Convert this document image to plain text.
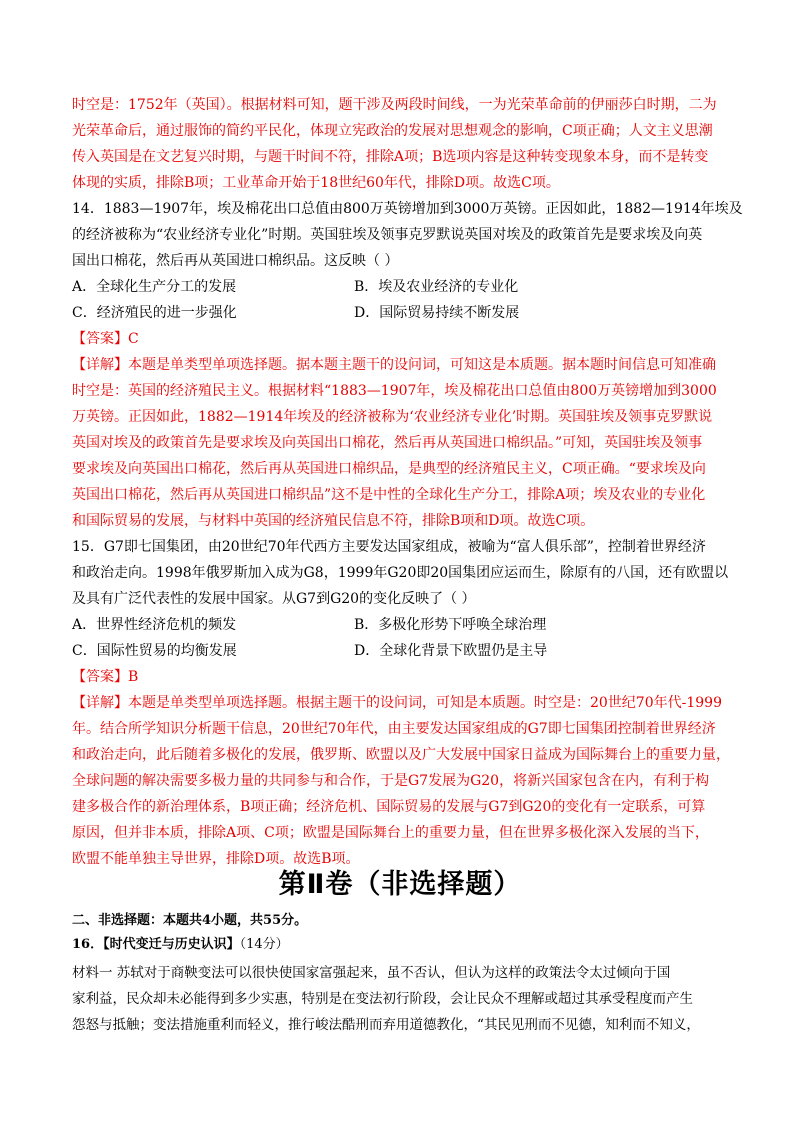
时空是：1752年（英国）。根据材料可知，题干涉及两段时间线，一为光荣革命前的伊丽莎白时期，二为
光荣革命后，通过服饰的简约平民化，体现立宪政治的发展对思想观念的影响，C项正确；人文主义思潮
传入英国是在文艺复兴时期，与题干时间不符，排除A项；B选项内容是这种转变现象本身，而不是转变
体现的实质，排除B项；工业革命开始于18世纪60年代，排除D项。故选C项。
14．1883—1907年，埃及棉花出口总值由800万英镑增加到3000万英镑。正因如此，1882—1914年埃及
的经济被称为“农业经济专业化”时期。英国驻埃及领事克罗默说英国对埃及的政策首先是要求埃及向英
国出口棉花，然后再从英国进口棉织品。这反映（ ）
A．全球化生产分工的发展	B．埃及农业经济的专业化
C．经济殖民的进一步强化	D．国际贸易持续不断发展
【答案】C
【详解】本题是单类型单项选择题。据本题主题干的设问词，可知这是本质题。据本题时间信息可知准确
时空是：英国的经济殖民主义。根据材料“1883—1907年，埃及棉花出口总值由800万英镑增加到3000
万英镑。正因如此，1882—1914年埃及的经济被称为‘农业经济专业化’时期。英国驻埃及领事克罗默说
英国对埃及的政策首先是要求埃及向英国出口棉花，然后再从英国进口棉织品。”可知，英国驻埃及领事
要求埃及向英国出口棉花，然后再从英国进口棉织品，是典型的经济殖民主义，C项正确。“要求埃及向
英国出口棉花，然后再从英国进口棉织品”这不是中性的全球化生产分工，排除A项；埃及农业的专业化
和国际贸易的发展，与材料中英国的经济殖民信息不符，排除B项和D项。故选C项。
15．G7即七国集团，由20世纪70年代西方主要发达国家组成，被喻为“富人俱乐部”，控制着世界经济
和政治走向。1998年俄罗斯加入成为G8，1999年G20即20国集团应运而生，除原有的八国，还有欧盟以
及具有广泛代表性的发展中国家。从G7到G20的变化反映了（ ）
A．世界性经济危机的频发	B．多极化形势下呼唤全球治理
C．国际性贸易的均衡发展	D．全球化背景下欧盟仍是主导
【答案】B
【详解】本题是单类型单项选择题。根据主题干的设问词，可知是本质题。时空是：20世纪70年代-1999
年。结合所学知识分析题干信息，20世纪70年代，由主要发达国家组成的G7即七国集团控制着世界经济
和政治走向，此后随着多极化的发展，俄罗斯、欧盟以及广大发展中国家日益成为国际舞台上的重要力量，
全球问题的解决需要多极力量的共同参与和合作，于是G7发展为G20，将新兴国家包含在内，有利于构
建多极合作的新治理体系，B项正确；经济危机、国际贸易的发展与G7到G20的变化有一定联系，可算
原因，但并非本质，排除A项、C项；欧盟是国际舞台上的重要力量，但在世界多极化深入发展的当下，
欧盟不能单独主导世界，排除D项。故选B项。
第Ⅱ卷（非选择题）
二、非选择题：本题共4小题，共55分。
16．【时代变迁与历史认识】（14分）
材料一 苏轼对于商鞅变法可以很快使国家富强起来，虽不否认，但认为这样的政策法令太过倾向于国
家利益，民众却未必能得到多少实惠，特别是在变法初行阶段，会让民众不理解或超过其承受程度而产生
怨怒与抵触；变法措施重利而轻义，推行峻法酷刑而弃用道德教化，“其民见刑而不见德，知利而不知义，
